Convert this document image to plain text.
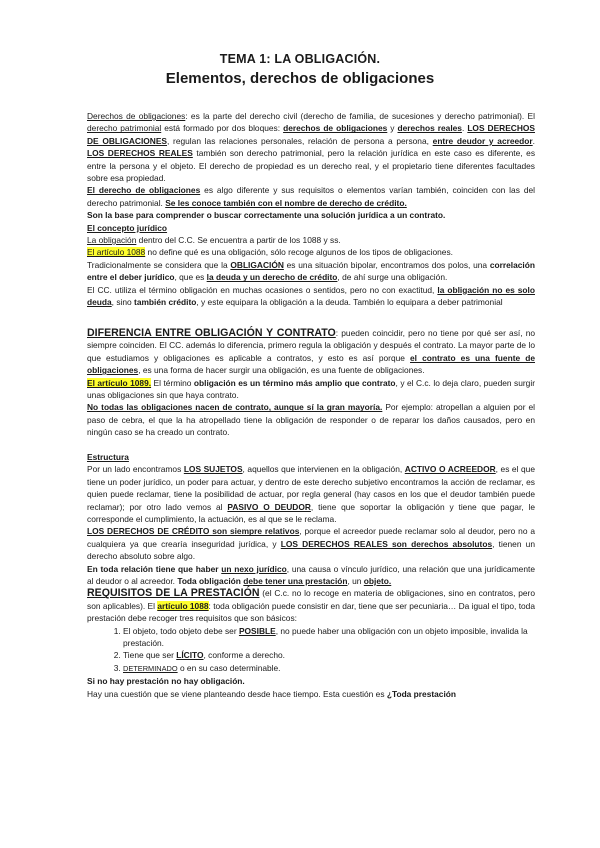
TEMA 1: LA OBLIGACIÓN.
Elementos, derechos de obligaciones

Derechos de obligaciones: es la parte del derecho civil (derecho de familia, de sucesiones y derecho patrimonial). El derecho patrimonial está formado por dos bloques: derechos de obligaciones y derechos reales. LOS DERECHOS DE OBLIGACIONES, regulan las relaciones personales, relación de persona a persona, entre deudor y acreedor. LOS DERECHOS REALES también son derecho patrimonial, pero la relación jurídica en este caso es diferente, es entre la persona y el objeto. El derecho de propiedad es un derecho real, y el propietario tiene diferentes facultades sobre esa propiedad.

El derecho de obligaciones es algo diferente y sus requisitos o elementos varían también, coinciden con las del derecho patrimonial. Se les conoce también con el nombre de derecho de crédito.

Son la base para comprender o buscar correctamente una solución jurídica a un contrato.

El concepto jurídico

La obligación dentro del C.C. Se encuentra a partir de los 1088 y ss.

El artículo 1088 no define qué es una obligación, sólo recoge algunos de los tipos de obligaciones.

Tradicionalmente se considera que la OBLIGACIÓN es una situación bipolar, encontramos dos polos, una correlación entre el deber jurídico, que es la deuda y un derecho de crédito, de ahí surge una obligación.

El CC. utiliza el término obligación en muchas ocasiones o sentidos, pero no con exactitud, la obligación no es solo deuda, sino también crédito, y este equipara la obligación a la deuda. También lo equipara a deber patrimonial

DIFERENCIA ENTRE OBLIGACIÓN Y CONTRATO: pueden coincidir, pero no tiene por qué ser así, no siempre coinciden. El CC. además lo diferencia, primero regula la obligación y después el contrato. La mayor parte de lo que estudiamos y obligaciones es aplicable a contratos, y esto es así porque el contrato es una fuente de obligaciones, es una forma de hacer surgir una obligación, es una fuente de obligaciones.

El artículo 1089. El término obligación es un término más amplio que contrato, y el C.c. lo deja claro, pueden surgir unas obligaciones sin que haya contrato.

No todas las obligaciones nacen de contrato, aunque sí la gran mayoría. Por ejemplo: atropellan a alguien por el paso de cebra, el que la ha atropellado tiene la obligación de responder o de reparar los daños causados, pero en ningún caso se ha creado un contrato.

Estructura

Por un lado encontramos LOS SUJETOS, aquellos que intervienen en la obligación, ACTIVO O ACREEDOR, es el que tiene un poder jurídico, un poder para actuar, y dentro de este derecho subjetivo encontramos la acción de reclamar, es quien puede reclamar, tiene la posibilidad de actuar, por regla general (hay casos en los que el deudor también puede reclamar); por otro lado vemos al PASIVO O DEUDOR, tiene que soportar la obligación y tiene que pagar, le corresponde el cumplimiento, la actuación, es al que se le reclama.

LOS DERECHOS DE CRÉDITO son siempre relativos, porque el acreedor puede reclamar solo al deudor, pero no a cualquiera ya que crearía inseguridad jurídica, y LOS DERECHOS REALES son derechos absolutos, tienen un derecho absoluto sobre algo.

En toda relación tiene que haber un nexo jurídico, una causa o vínculo jurídico, una relación que una jurídicamente al deudor o al acreedor. Toda obligación debe tener una prestación, un objeto.

REQUISITOS DE LA PRESTACIÓN (el C.c. no lo recoge en materia de obligaciones, sino en contratos, pero son aplicables). El artículo 1088: toda obligación puede consistir en dar, tiene que ser pecuniaria… Da igual el tipo, toda prestación debe recoger tres requisitos que son básicos:

1. El objeto, todo objeto debe ser POSIBLE, no puede haber una obligación con un objeto imposible, invalida la prestación.
2. Tiene que ser LÍCITO, conforme a derecho.
3. DETERMINADO o en su caso determinable.

Si no hay prestación no hay obligación.

Hay una cuestión que se viene planteando desde hace tiempo. Esta cuestión es ¿Toda prestación
